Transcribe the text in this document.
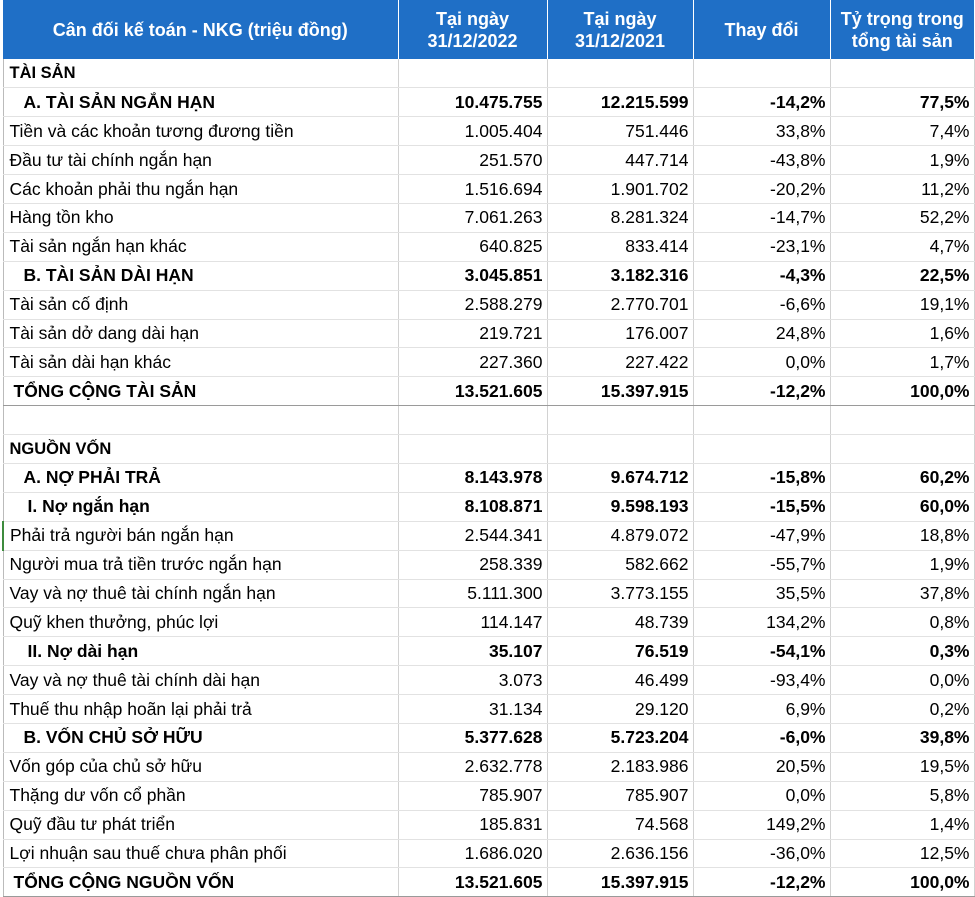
Cân đối kế toán - NKG (triệu đồng)	Tại ngày 31/12/2022	Tại ngày 31/12/2021	Thay đổi	Tỷ trọng trong tổng tài sản
TÀI SẢN				
A. TÀI SẢN NGẮN HẠN	10.475.755	12.215.599	-14,2%	77,5%
Tiền và các khoản tương đương tiền	1.005.404	751.446	33,8%	7,4%
Đầu tư tài chính ngắn hạn	251.570	447.714	-43,8%	1,9%
Các khoản phải thu ngắn hạn	1.516.694	1.901.702	-20,2%	11,2%
Hàng tồn kho	7.061.263	8.281.324	-14,7%	52,2%
Tài sản ngắn hạn khác	640.825	833.414	-23,1%	4,7%
B. TÀI SẢN DÀI HẠN	3.045.851	3.182.316	-4,3%	22,5%
Tài sản cố định	2.588.279	2.770.701	-6,6%	19,1%
Tài sản dở dang dài hạn	219.721	176.007	24,8%	1,6%
Tài sản dài hạn khác	227.360	227.422	0,0%	1,7%
TỔNG CỘNG TÀI SẢN	13.521.605	15.397.915	-12,2%	100,0%

NGUỒN VỐN				
A. NỢ PHẢI TRẢ	8.143.978	9.674.712	-15,8%	60,2%
I. Nợ ngắn hạn	8.108.871	9.598.193	-15,5%	60,0%
Phải trả người bán ngắn hạn	2.544.341	4.879.072	-47,9%	18,8%
Người mua trả tiền trước ngắn hạn	258.339	582.662	-55,7%	1,9%
Vay và nợ thuê tài chính ngắn hạn	5.111.300	3.773.155	35,5%	37,8%
Quỹ khen thưởng, phúc lợi	114.147	48.739	134,2%	0,8%
II. Nợ dài hạn	35.107	76.519	-54,1%	0,3%
Vay và nợ thuê tài chính dài hạn	3.073	46.499	-93,4%	0,0%
Thuế thu nhập hoãn lại phải trả	31.134	29.120	6,9%	0,2%
B. VỐN CHỦ SỞ HỮU	5.377.628	5.723.204	-6,0%	39,8%
Vốn góp của chủ sở hữu	2.632.778	2.183.986	20,5%	19,5%
Thặng dư vốn cổ phần	785.907	785.907	0,0%	5,8%
Quỹ đầu tư phát triển	185.831	74.568	149,2%	1,4%
Lợi nhuận sau thuế chưa phân phối	1.686.020	2.636.156	-36,0%	12,5%
TỔNG CỘNG NGUỒN VỐN	13.521.605	15.397.915	-12,2%	100,0%
